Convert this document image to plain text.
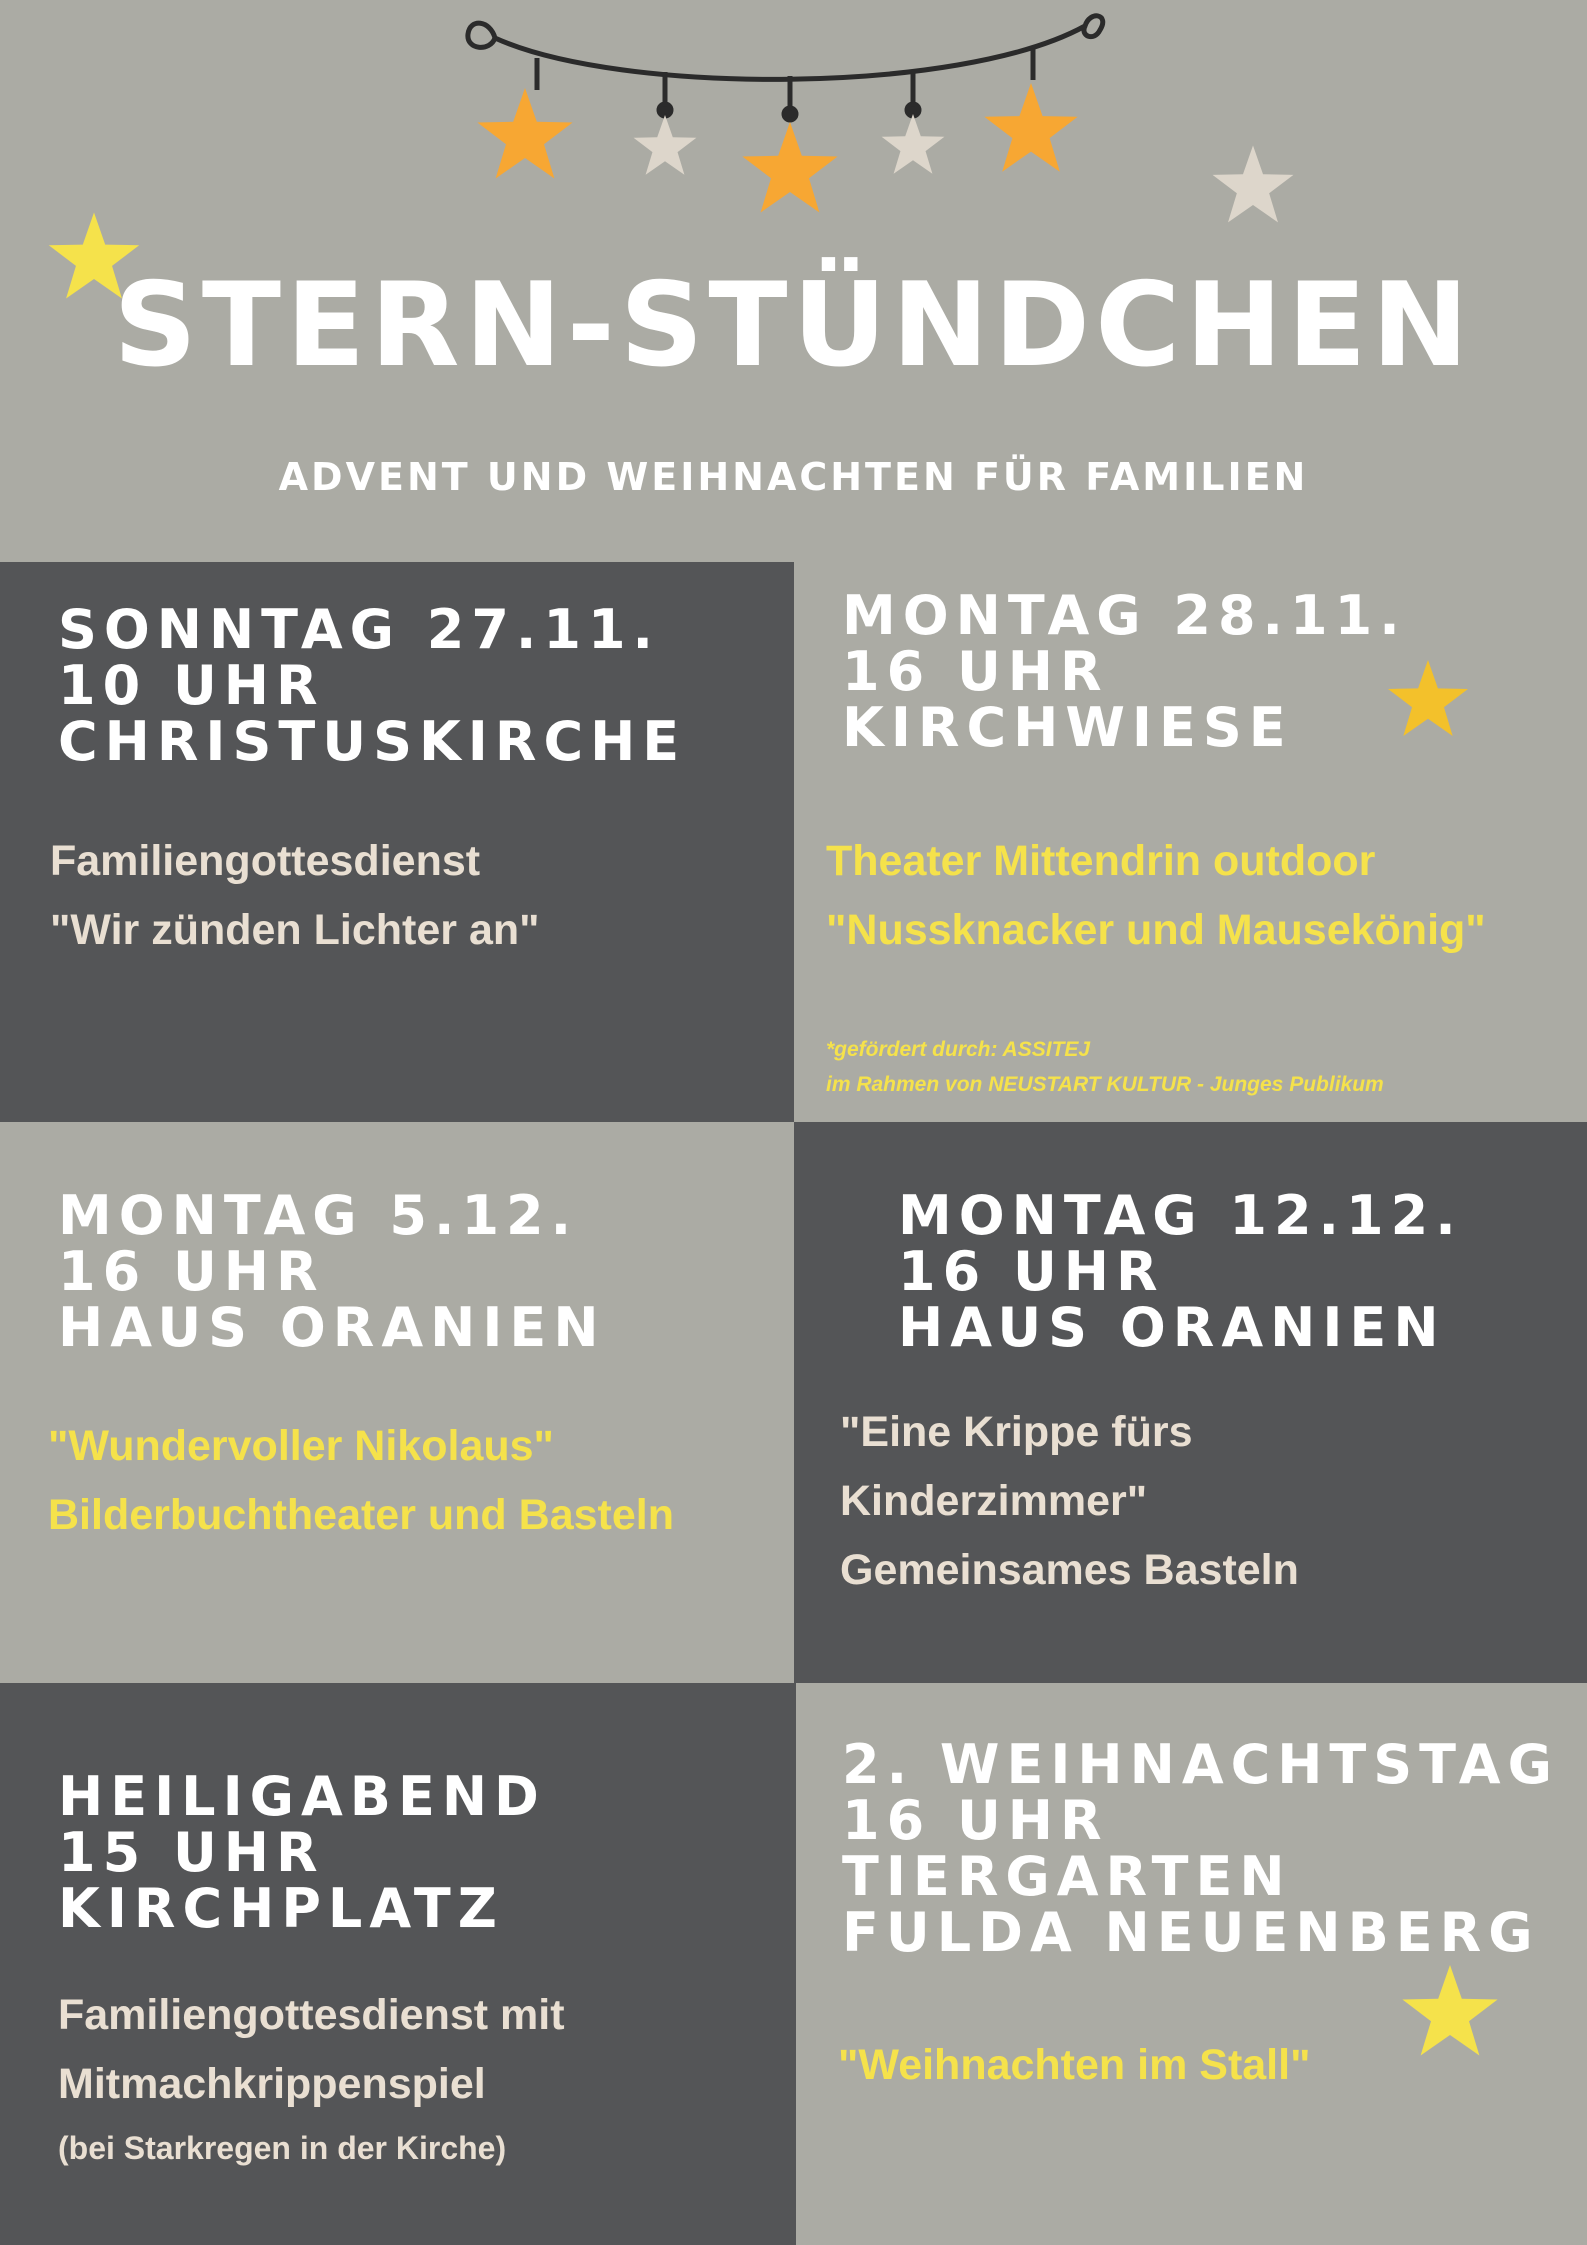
STERN-STÜNDCHEN
ADVENT UND WEIHNACHTEN FÜR FAMILIEN
SONNTAG 27.11.
10 UHR
CHRISTUSKIRCHE
Familiengottesdienst
"Wir zünden Lichter an"
MONTAG 28.11.
16 UHR
KIRCHWIESE
Theater Mittendrin outdoor
"Nussknacker und Mausekönig"
*gefördert durch: ASSITEJ
im Rahmen von NEUSTART KULTUR - Junges Publikum
MONTAG 5.12.
16 UHR
HAUS ORANIEN
"Wundervoller Nikolaus"
Bilderbuchtheater und Basteln
MONTAG 12.12.
16 UHR
HAUS ORANIEN
"Eine Krippe fürs
Kinderzimmer"
Gemeinsames Basteln
HEILIGABEND
15 UHR
KIRCHPLATZ
Familiengottesdienst mit
Mitmachkrippenspiel
(bei Starkregen in der Kirche)
2. WEIHNACHTSTAG
16 UHR
TIERGARTEN
FULDA NEUENBERG
"Weihnachten im Stall"
